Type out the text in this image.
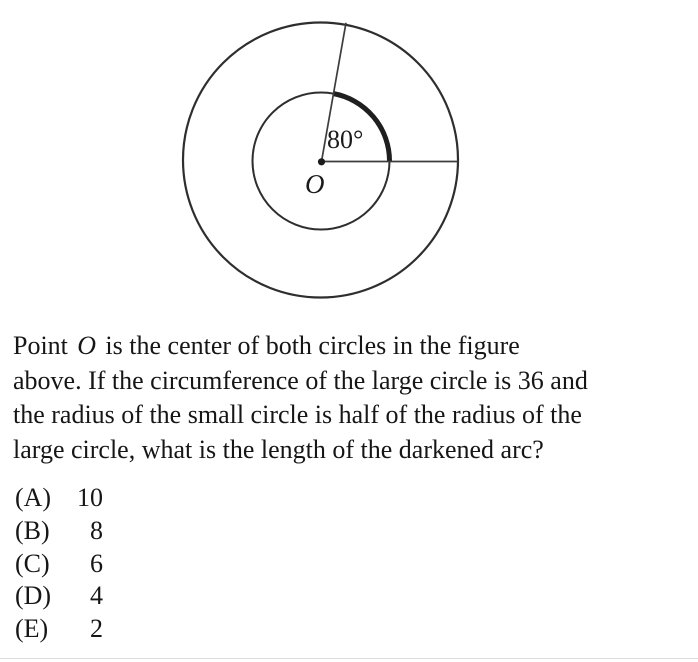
80°
O
Point O is the center of both circles in the figure
above. If the circumference of the large circle is 36 and
the radius of the small circle is half of the radius of the
large circle, what is the length of the darkened arc?
(A) 10
(B)	8
(C)	6
(D)	4
(E)	2
